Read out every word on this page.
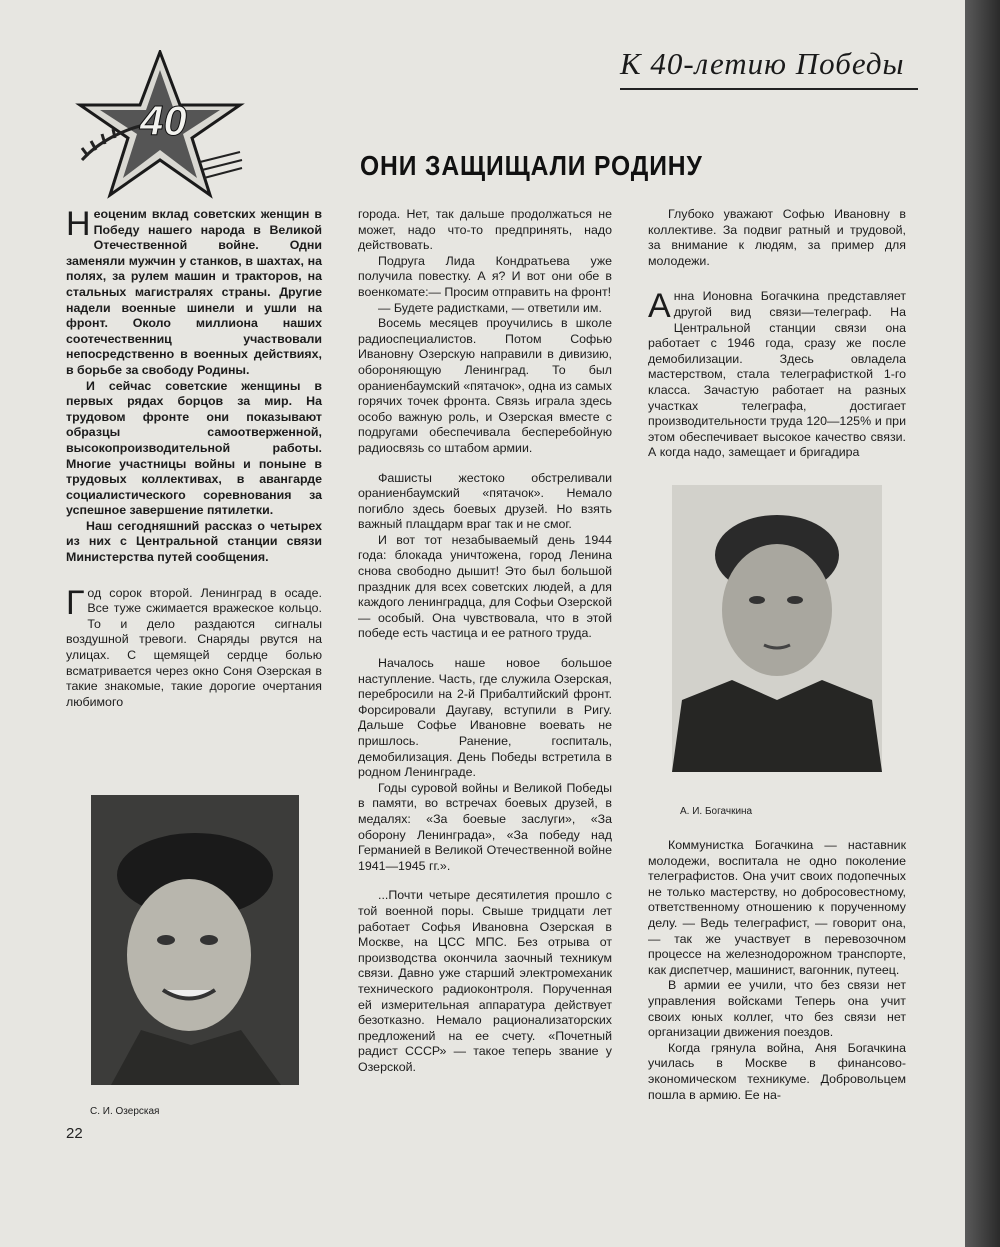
К 40-летию Победы
40
ОНИ ЗАЩИЩАЛИ РОДИНУ

Неоценим вклад советских женщин в Победу нашего народа в Великой Отечественной войне. Одни заменяли мужчин у станков, в шахтах, на полях, за рулем машин и тракторов, на стальных магистралях страны. Другие надели военные шинели и ушли на фронт. Около миллиона наших соотечественниц участвовали непосредственно в военных действиях, в борьбе за свободу Родины.

И сейчас советские женщины в первых рядах борцов за мир. На трудовом фронте они показывают образцы самоотверженной, высокопроизводительной работы. Многие участницы войны и поныне в трудовых коллективах, в авангарде социалистического соревнования за успешное завершение пятилетки.

Наш сегодняшний рассказ о четырех из них с Центральной станции связи Министерства путей сообщения.

Год сорок второй. Ленинград в осаде. Все туже сжимается вражеское кольцо. То и дело раздаются сигналы воздушной тревоги. Снаряды рвутся на улицах. С щемящей сердце болью всматривается через окно Соня Озерская в такие знакомые, такие дорогие очертания любимого

С. И. Озерская
22

города. Нет, так дальше продолжаться не может, надо что-то предпринять, надо действовать.

Подруга Лида Кондратьева уже получила повестку. А я? И вот они обе в военкомате:— Просим отправить на фронт!

— Будете радистками, — ответили им.

Восемь месяцев проучились в школе радиоспециалистов. Потом Софью Ивановну Озерскую направили в дивизию, обороняющую Ленинград. То был ораниенбаумский «пятачок», одна из самых горячих точек фронта. Связь играла здесь особо важную роль, и Озерская вместе с подругами обеспечивала бесперебойную радиосвязь со штабом армии.

Фашисты жестоко обстреливали ораниенбаумский «пятачок». Немало погибло здесь боевых друзей. Но взять важный плацдарм враг так и не смог.

И вот тот незабываемый день 1944 года: блокада уничтожена, город Ленина снова свободно дышит! Это был большой праздник для всех советских людей, а для каждого ленинградца, для Софьи Озерской — особый. Она чувствовала, что в этой победе есть частица и ее ратного труда.

Началось наше новое большое наступление. Часть, где служила Озерская, перебросили на 2-й Прибалтийский фронт. Форсировали Даугаву, вступили в Ригу. Дальше Софье Ивановне воевать не пришлось. Ранение, госпиталь, демобилизация. День Победы встретила в родном Ленинграде.

Годы суровой войны и Великой Победы в памяти, во встречах боевых друзей, в медалях: «За боевые заслуги», «За оборону Ленинграда», «За победу над Германией в Великой Отечественной войне 1941—1945 гг.».

...Почти четыре десятилетия прошло с той военной поры. Свыше тридцати лет работает Софья Ивановна Озерская в Москве, на ЦСС МПС. Без отрыва от производства окончила заочный техникум связи. Давно уже старший электромеханик технического радиоконтроля. Порученная ей измерительная аппаратура действует безотказно. Немало рационализаторских предложений на ее счету. «Почетный радист СССР» — такое теперь звание у Озерской.

Глубоко уважают Софью Ивановну в коллективе. За подвиг ратный и трудовой, за внимание к людям, за пример для молодежи.

Анна Ионовна Богачкина представляет другой вид связи—телеграф. На Центральной станции связи она работает с 1946 года, сразу же после демобилизации. Здесь овладела мастерством, стала телеграфисткой 1-го класса. Зачастую работает на разных участках телеграфа, достигает производительности труда 120—125% и при этом обеспечивает высокое качество связи. А когда надо, замещает и бригадира

А. И. Богачкина

Коммунистка Богачкина — наставник молодежи, воспитала не одно поколение телеграфистов. Она учит своих подопечных не только мастерству, но добросовестному, ответственному отношению к порученному делу. — Ведь телеграфист, — говорит она, — так же участвует в перевозочном процессе на железнодорожном транспорте, как диспетчер, машинист, вагонник, путеец.

В армии ее учили, что без связи нет управления войсками Теперь она учит своих юных коллег, что без связи нет организации движения поездов.

Когда грянула война, Аня Богачкина училась в Москве в финансово-экономическом техникуме. Добровольцем пошла в армию. Ее на-
